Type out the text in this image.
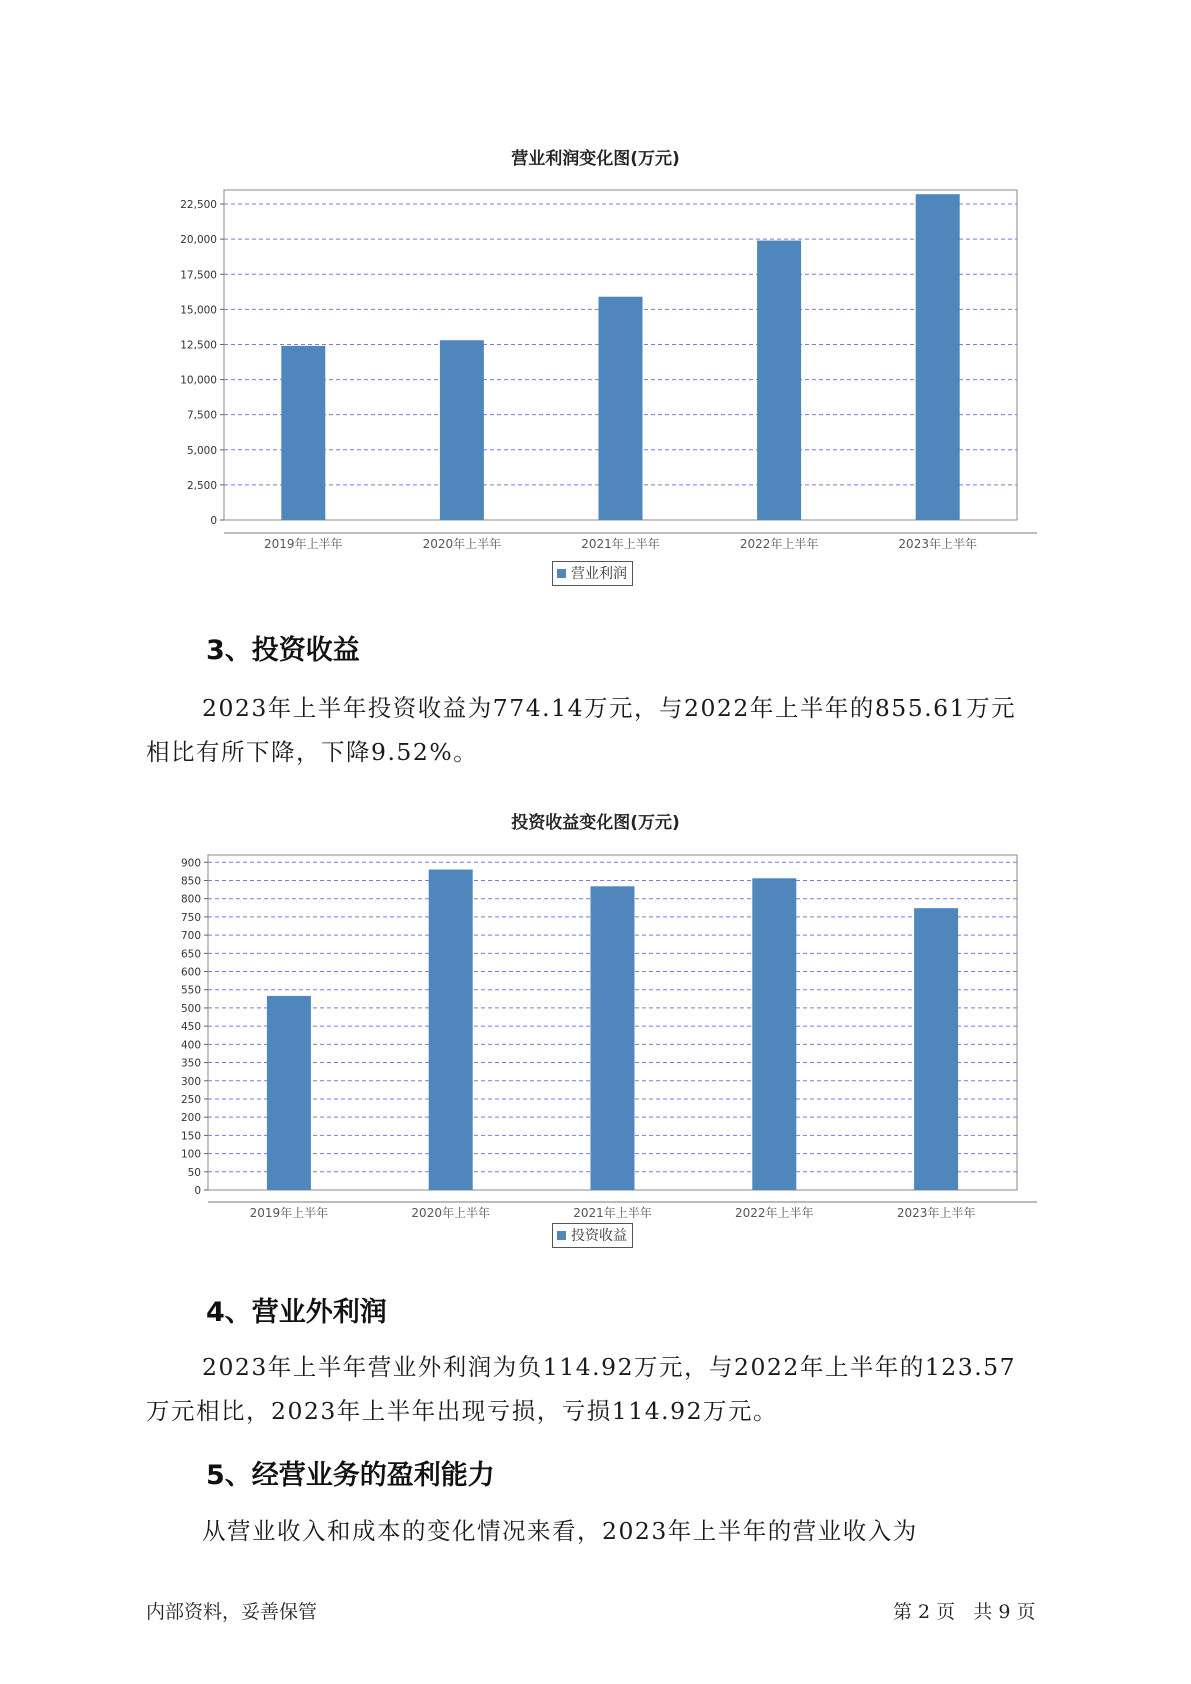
营业利润变化图(万元)
0
2,500
5,000
7,500
10,000
12,500
15,000
17,500
20,000
22,500
2019年上半年	2020年上半年	2021年上半年	2022年上半年	2023年上半年
营业利润
3、投资收益

2023年上半年投资收益为774.14万元，与2022年上半年的855.61万元
相比有所下降，下降9.52%。

投资收益变化图(万元)
0
50
100
150
200
250
300
350
400
450
500
550
600
650
700
750
800
850
900
2019年上半年	2020年上半年	2021年上半年	2022年上半年	2023年上半年
投资收益
4、营业外利润

2023年上半年营业外利润为负114.92万元，与2022年上半年的123.57
万元相比，2023年上半年出现亏损，亏损114.92万元。

5、经营业务的盈利能力

从营业收入和成本的变化情况来看，2023年上半年的营业收入为

内部资料，妥善保管	第 2 页   共 9 页
